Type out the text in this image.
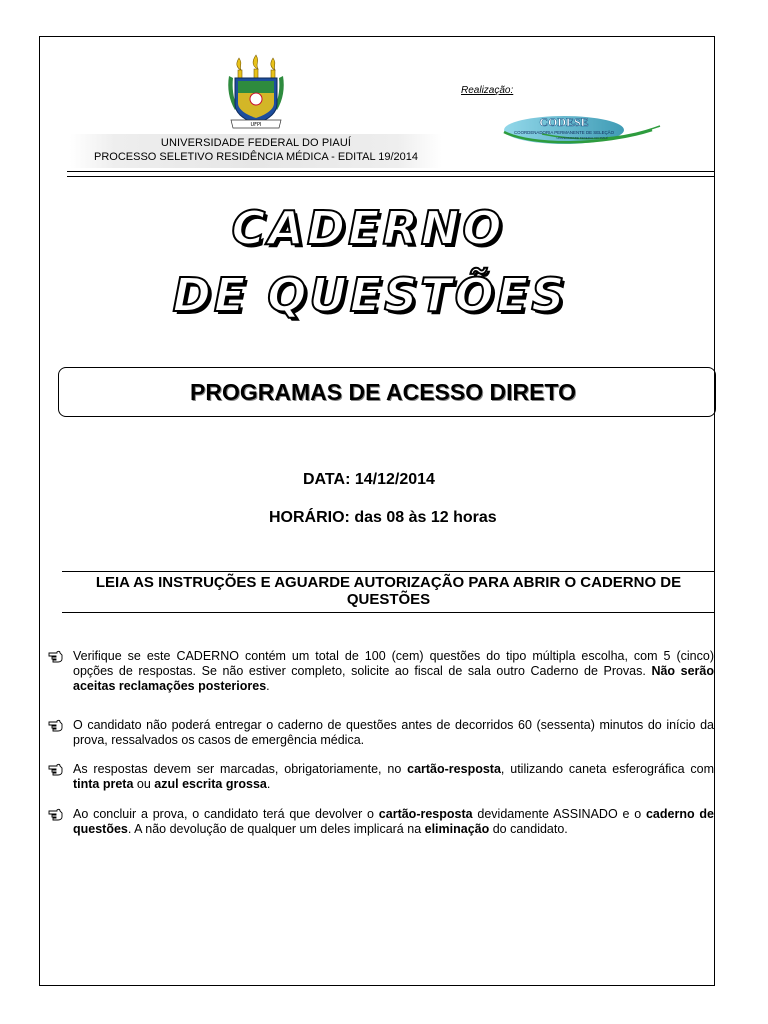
UFPI
Realização:
CODESE
COORDENADORIA PERMANENTE DE SELEÇÃO
UNIVERSIDADE FEDERAL DO PIAUÍ
UNIVERSIDADE FEDERAL DO PIAUÍ
PROCESSO SELETIVO RESIDÊNCIA MÉDICA - EDITAL 19/2014
CADERNO
DE QUESTÕES
PROGRAMAS DE ACESSO DIRETO
DATA: 14/12/2014
HORÁRIO: das 08 às 12 horas
LEIA AS INSTRUÇÕES E AGUARDE AUTORIZAÇÃO PARA ABRIR O CADERNO DE QUESTÕES
Verifique se este CADERNO contém um total de 100 (cem) questões do tipo múltipla escolha, com 5 (cinco) opções de respostas. Se não estiver completo, solicite ao fiscal de sala outro Caderno de Provas. Não serão aceitas reclamações posteriores.
O candidato não poderá entregar o caderno de questões antes de decorridos 60 (sessenta) minutos do início da prova, ressalvados os casos de emergência médica.
As respostas devem ser marcadas, obrigatoriamente, no cartão-resposta, utilizando caneta esferográfica com tinta preta ou azul escrita grossa.
Ao concluir a prova, o candidato terá que devolver o cartão-resposta devidamente ASSINADO e o caderno de questões. A não devolução de qualquer um deles implicará na eliminação do candidato.
